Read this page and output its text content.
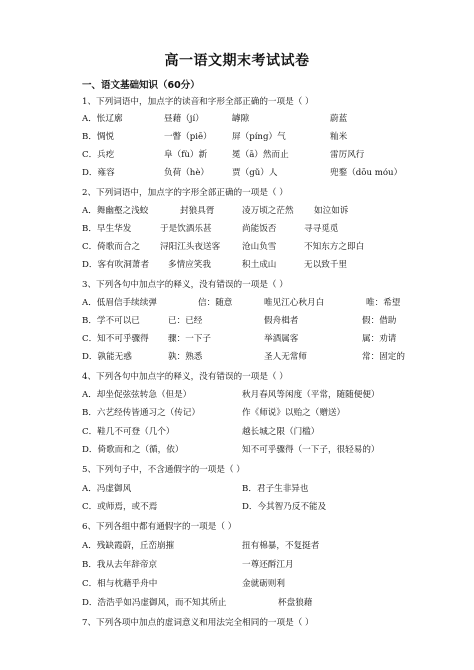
高一语文期末考试试卷
一、语文基础知识（60分）
1、下列词语中，加点字的读音和字形全部正确的一项是（ ）
A．怅辽廓	昼藉（jí）	罅隙	蔚蓝
B．惆悦	一瞥（piē） 屏（píng）气	籼米
C．兵疙	阜（fù）新	冕（ā）然而止	雷厉风行
D．雍容	负荷（hè）	贾（gǔ）人	兜鍪（dōu móu）
2、下列词语中，加点字的字形全部正确的一项是（ ）
A．舞幽壑之浅蛟	封狼具胥	凌万顷之茫然 如泣如诉
B．早生华发	于是饮酒乐甚	尚能饭否	寻寻觅觅
C．倚歌而合之 浔阳江头夜送客	沧山负雪	不知东方之即白
D．客有吹洞萧者 多情应笑我	积土成山	无以致千里
3、下列各句中加点字的释义，没有错误的一项是（ ）
A．低眉信手续续弹	信：随意	唯见江心秋月白	唯：希望
B．学不可以已	已：已经	假舟楫者	假：借助
C．知不可乎骤得 骤：一下子	举酒属客	属：劝请
D．孰能无惑	孰：熟悉	圣人无常师	常：固定的
4、下列各句中加点字的释义，没有错误的一项是（ ）
A．却坐促弦弦转急（但是）	秋月春风等闲度（平常，随随便便）
B．六艺经传皆通习之（传记）	作《师说》以贻之（赠送）
C．鞋几不可登（几个）	越长城之限（门槛）
D．倚歌而和之（循，依）	知不可乎骤得（一下子，很轻易的）
5、下列句子中，不含通假字的一项是（ ）
A．冯虚御风	B．君子生非异也
C．或师焉，或不焉	D．今其智乃反不能及
6、下列各组中都有通假字的一项是（ ）
A．残缺霞蔚，丘峦崩摧	扭有棉暴，不复挺者
B．我从去年辞帝京	一尊还酹江月
C．相与枕藉乎舟中	金就砺则利
D．浩浩乎如冯虚御风，而不知其所止	杯盘狼藉
7、下列各项中加点的虚词意义和用法完全相同的一项是（ ）
